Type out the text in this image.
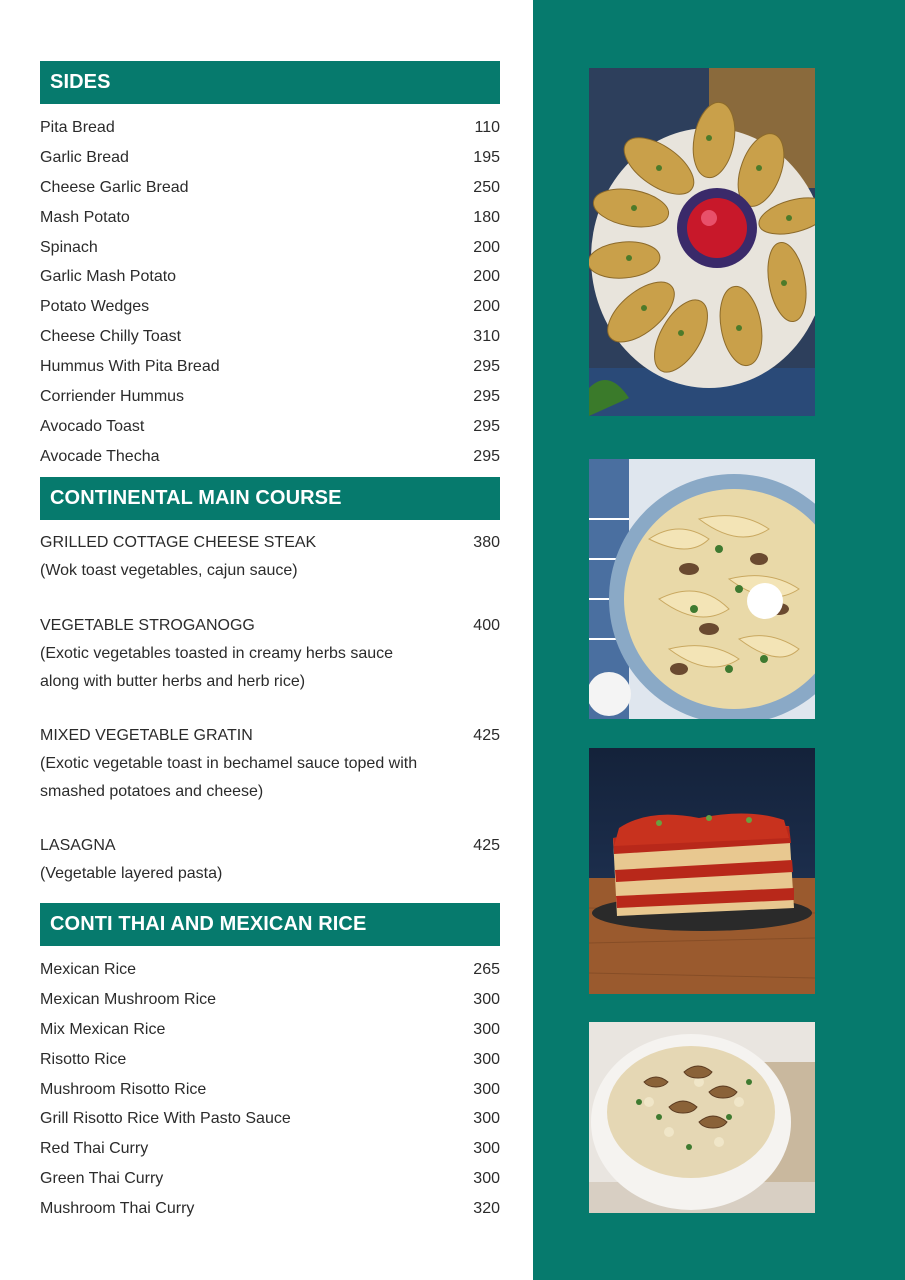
SIDES
Pita Bread	110
Garlic Bread	195
Cheese Garlic Bread	250
Mash Potato	180
Spinach	200
Garlic Mash Potato	200
Potato Wedges	200
Cheese Chilly Toast	310
Hummus With Pita Bread	295
Corriender Hummus	295
Avocado Toast	295
Avocade Thecha	295
CONTINENTAL MAIN COURSE
GRILLED COTTAGE CHEESE STEAK	380
(Wok toast vegetables, cajun sauce)
VEGETABLE STROGANOGG	400
(Exotic vegetables toasted in creamy herbs sauce along with butter herbs and herb rice)
MIXED VEGETABLE GRATIN	425
(Exotic vegetable toast in bechamel sauce toped with smashed potatoes and cheese)
LASAGNA	425
(Vegetable layered pasta)
CONTI THAI AND MEXICAN RICE
Mexican Rice	265
Mexican Mushroom Rice	300
Mix Mexican Rice	300
Risotto Rice	300
Mushroom Risotto Rice	300
Grill Risotto Rice With Pasto Sauce	300
Red Thai Curry	300
Green Thai Curry	300
Mushroom Thai Curry	320
